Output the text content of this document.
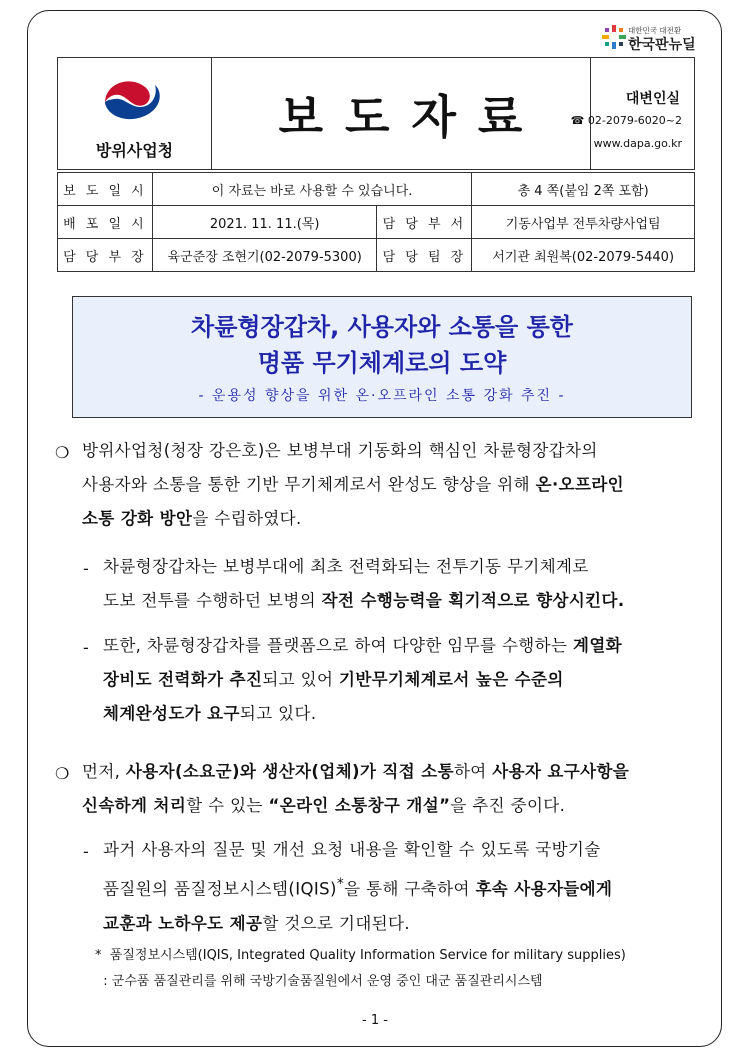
대한민국 대전환
한국판뉴딜
방위사업청
보도자료	대변인실
☎ 02-2079-6020~2
www.dapa.go.kr
보 도 일 시	이 자료는 바로 사용할 수 있습니다.		총 4 쪽(붙임 2쪽 포함)
배 포 일 시	2021. 11. 11.(목)	담 당 부 서	기동사업부 전투차량사업팀
담 당 부 장	육군준장 조현기(02-2079-5300)	담 당 팀 장	서기관 최원복(02-2079-5440)
차륜형장갑차, 사용자와 소통을 통한
명품 무기체계로의 도약
- 운용성 향상을 위한 온·오프라인 소통 강화 추진 -
❍ 방위사업청(청장 강은호)은 보병부대 기동화의 핵심인 차륜형장갑차의
사용자와 소통을 통한 기반 무기체계로서 완성도 향상을 위해 온·오프라인
소통 강화 방안을 수립하였다.
- 차륜형장갑차는 보병부대에 최초 전력화되는 전투기동 무기체계로
도보 전투를 수행하던 보병의 작전 수행능력을 획기적으로 향상시킨다.
- 또한, 차륜형장갑차를 플랫폼으로 하여 다양한 임무를 수행하는 계열화
장비도 전력화가 추진되고 있어 기반무기체계로서 높은 수준의
체계완성도가 요구되고 있다.
❍ 먼저, 사용자(소요군)와 생산자(업체)가 직접 소통하여 사용자 요구사항을
신속하게 처리할 수 있는 “온라인 소통창구 개설”을 추진 중이다.
- 과거 사용자의 질문 및 개선 요청 내용을 확인할 수 있도록 국방기술
품질원의 품질정보시스템(IQIS)*을 통해 구축하여 후속 사용자들에게
교훈과 노하우도 제공할 것으로 기대된다.
*  품질정보시스템(IQIS, Integrated Quality Information Service for military supplies)
: 군수품 품질관리를 위해 국방기술품질원에서 운영 중인 대군 품질관리시스템
- 1 -
